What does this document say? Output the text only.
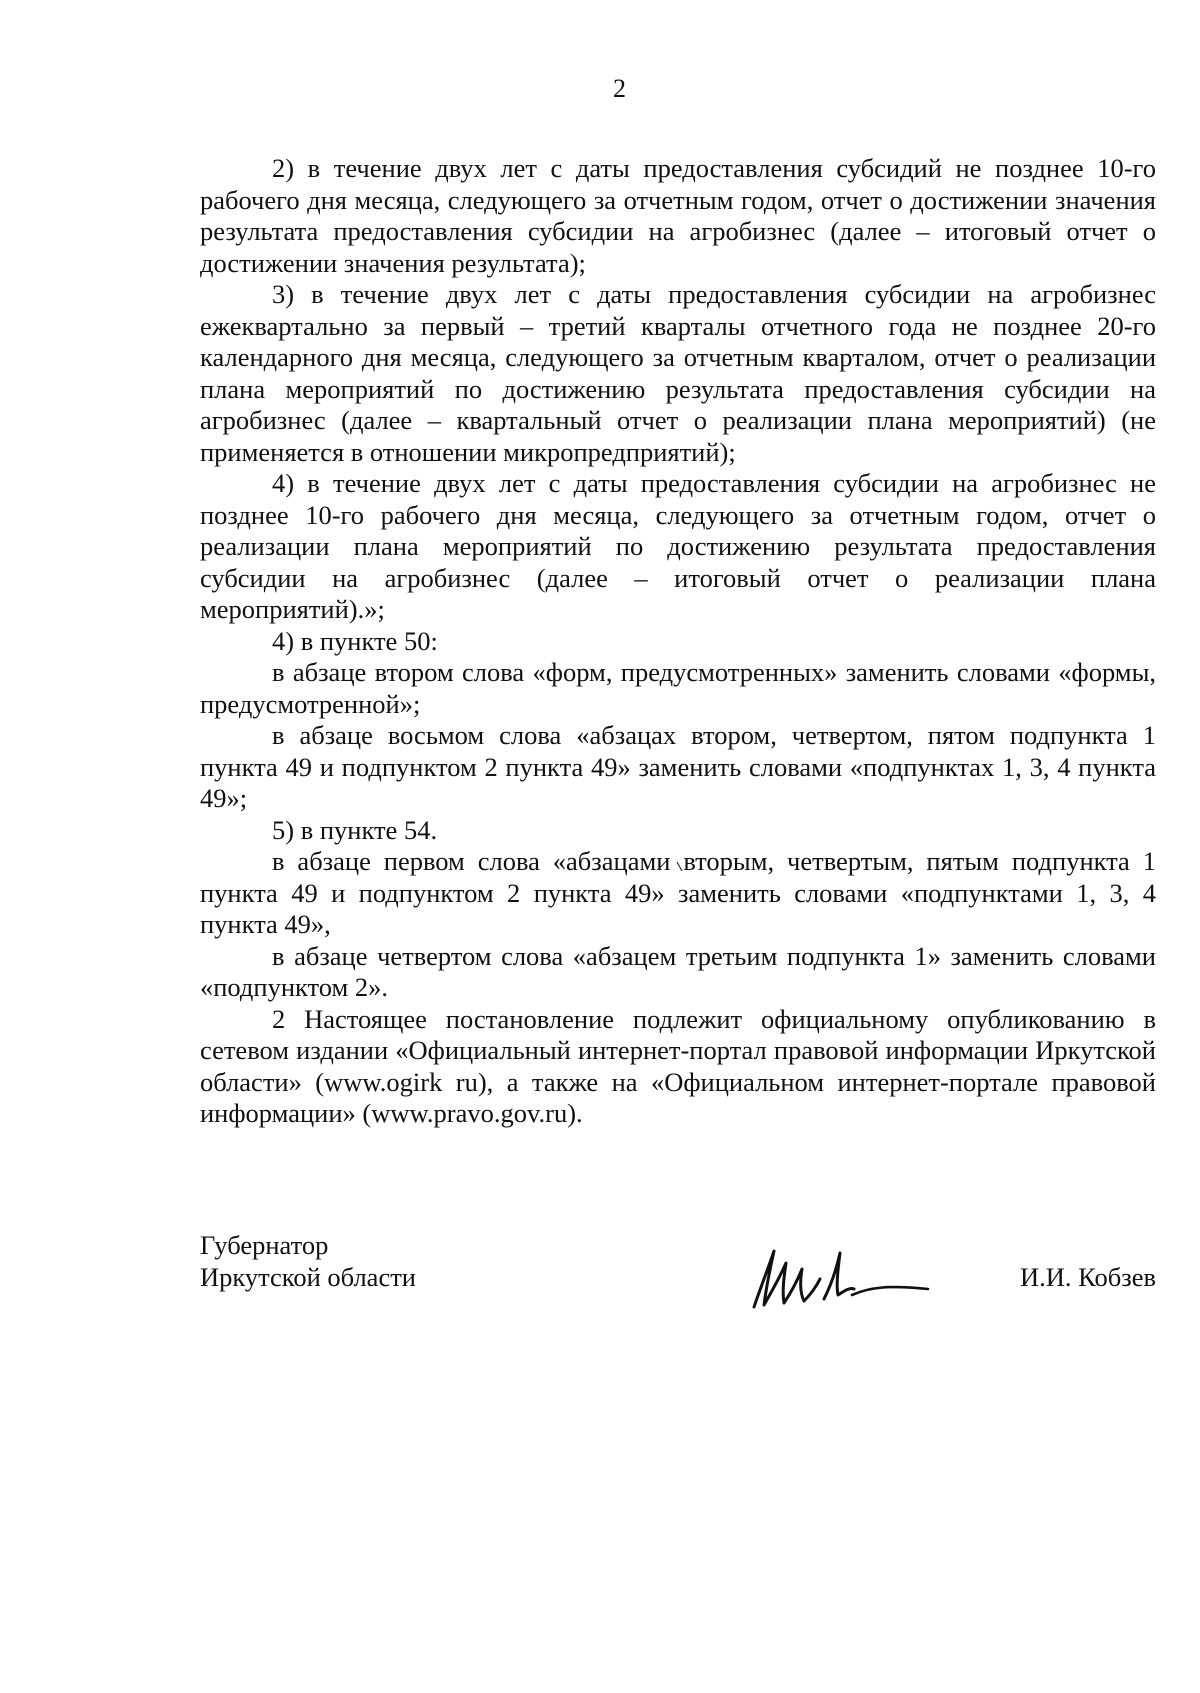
2

2) в течение двух лет с даты предоставления субсидий не позднее 10-го рабочего дня месяца, следующего за отчетным годом, отчет о достижении значения результата предоставления субсидии на агробизнес (далее – итоговый отчет о достижении значения результата);

3) в течение двух лет с даты предоставления субсидии на агробизнес ежеквартально за первый – третий кварталы отчетного года не позднее 20-го календарного дня месяца, следующего за отчетным кварталом, отчет о реализации плана мероприятий по достижению результата предоставления субсидии на агробизнес (далее – квартальный отчет о реализации плана мероприятий) (не применяется в отношении микропредприятий);

4) в течение двух лет с даты предоставления субсидии на агробизнес не позднее 10-го рабочего дня месяца, следующего за отчетным годом, отчет о реализации плана мероприятий по достижению результата предоставления субсидии на агробизнес (далее – итоговый отчет о реализации плана мероприятий).»;

4) в пункте 50:

в абзаце втором слова «форм, предусмотренных» заменить словами «формы, предусмотренной»;

в абзаце восьмом слова «абзацах втором, четвертом, пятом подпункта 1 пункта 49 и подпунктом 2 пункта 49» заменить словами «подпунктах 1, 3, 4 пункта 49»;

5) в пункте 54.

в абзаце первом слова «абзацами вторым, четвертым, пятым подпункта 1 пункта 49 и подпунктом 2 пункта 49» заменить словами «подпунктами 1, 3, 4 пункта 49»,

в абзаце четвертом слова «абзацем третьим подпункта 1» заменить словами «подпунктом 2».

2 Настоящее постановление подлежит официальному опубликованию в сетевом издании «Официальный интернет-портал правовой информации Иркутской области» (www.ogirk ru), а также на «Официальном интернет-портале правовой информации» (www.pravo.gov.ru).

Губернатор
Иркутской области	И.И. Кобзев
